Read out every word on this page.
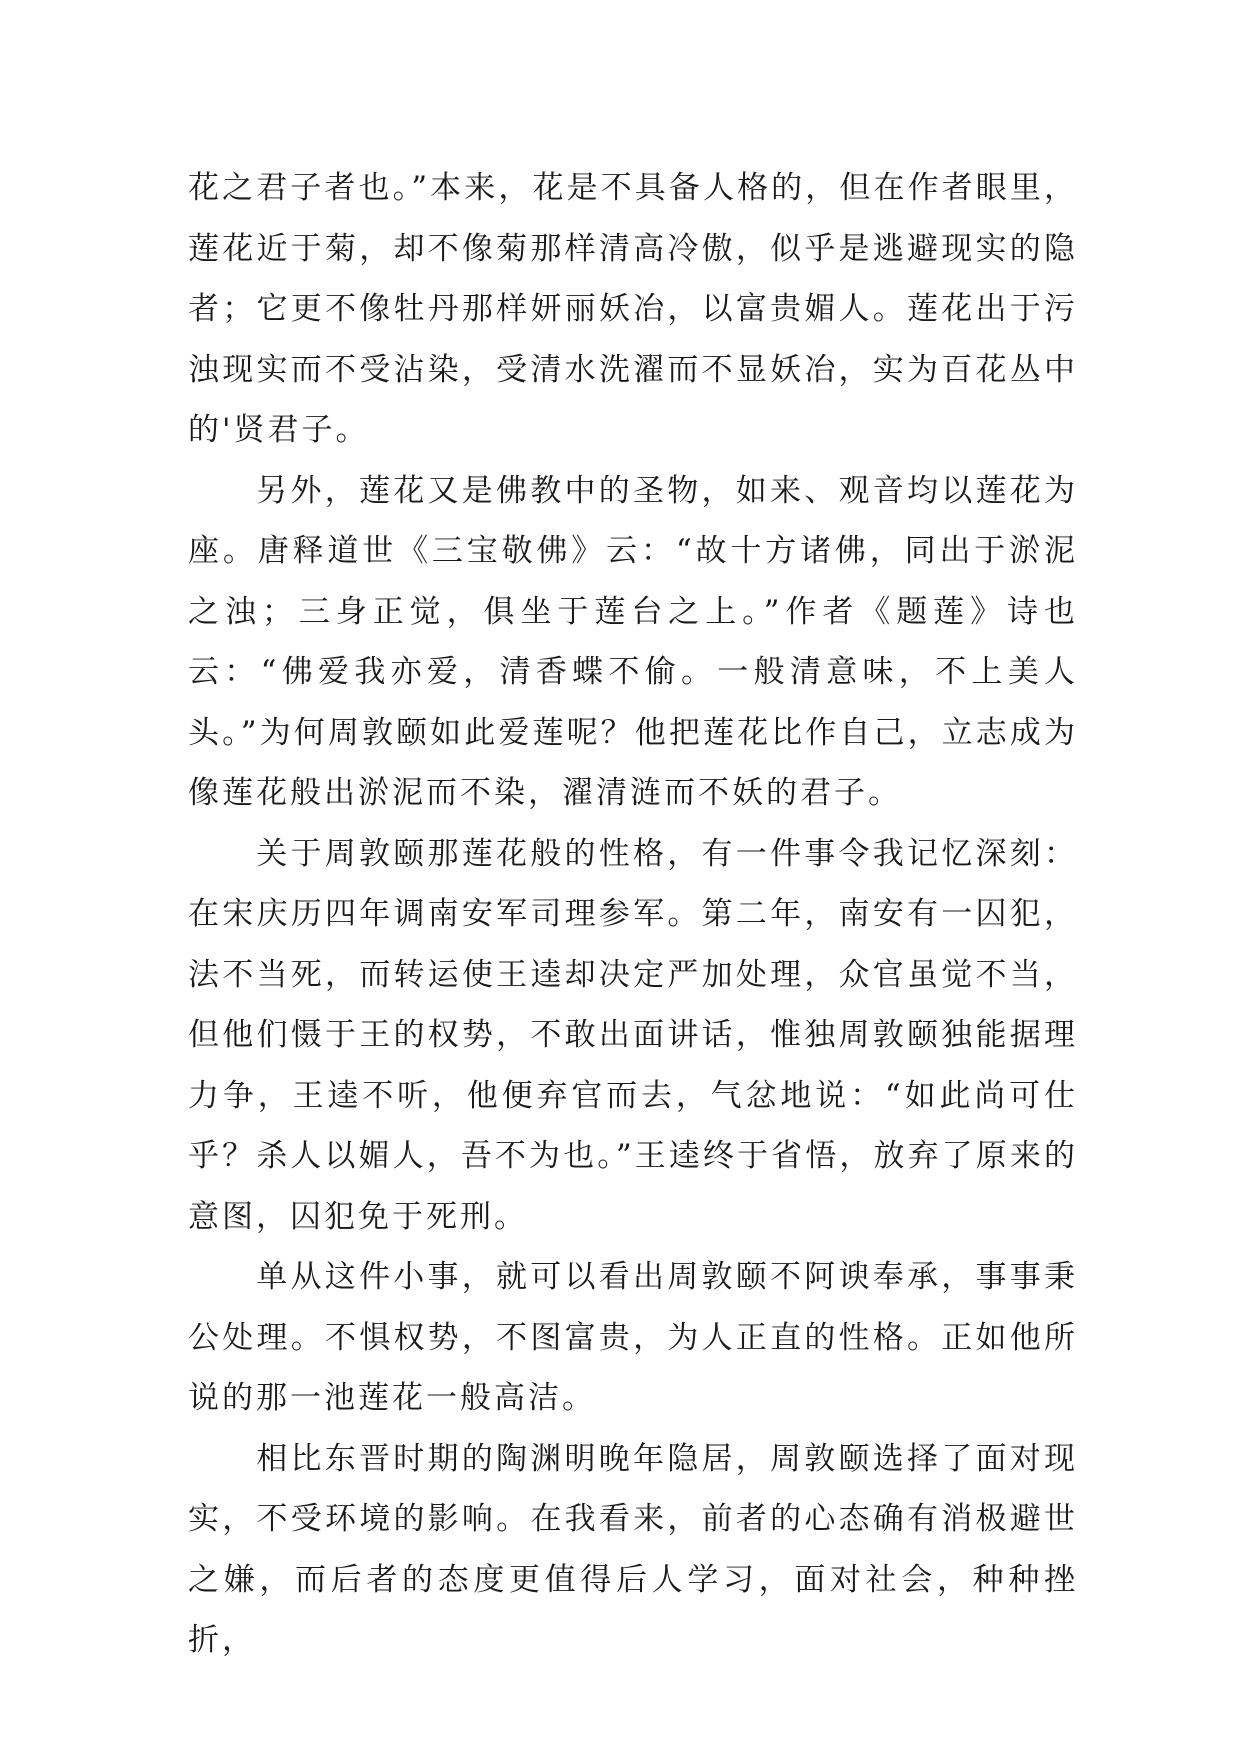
花之君子者也。”本来，花是不具备人格的，但在作者眼里，莲花近于菊，却不像菊那样清高冷傲，似乎是逃避现实的隐者；它更不像牡丹那样妍丽妖冶，以富贵媚人。莲花出于污浊现实而不受沾染，受清水洗濯而不显妖冶，实为百花丛中的'贤君子。

另外，莲花又是佛教中的圣物，如来、观音均以莲花为座。唐释道世《三宝敬佛》云：“故十方诸佛，同出于淤泥之浊；三身正觉，俱坐于莲台之上。”作者《题莲》诗也云：“佛爱我亦爱，清香蝶不偷。一般清意味，不上美人头。”为何周敦颐如此爱莲呢？他把莲花比作自己，立志成为像莲花般出淤泥而不染，濯清涟而不妖的君子。

关于周敦颐那莲花般的性格，有一件事令我记忆深刻：在宋庆历四年调南安军司理参军。第二年，南安有一囚犯，法不当死，而转运使王逵却决定严加处理，众官虽觉不当，但他们慑于王的权势，不敢出面讲话，惟独周敦颐独能据理力争，王逵不听，他便弃官而去，气忿地说：“如此尚可仕乎？杀人以媚人，吾不为也。”王逵终于省悟，放弃了原来的意图，囚犯免于死刑。

单从这件小事，就可以看出周敦颐不阿谀奉承，事事秉公处理。不惧权势，不图富贵，为人正直的性格。正如他所说的那一池莲花一般高洁。

相比东晋时期的陶渊明晚年隐居，周敦颐选择了面对现实，不受环境的影响。在我看来，前者的心态确有消极避世之嫌，而后者的态度更值得后人学习，面对社会，种种挫折，
